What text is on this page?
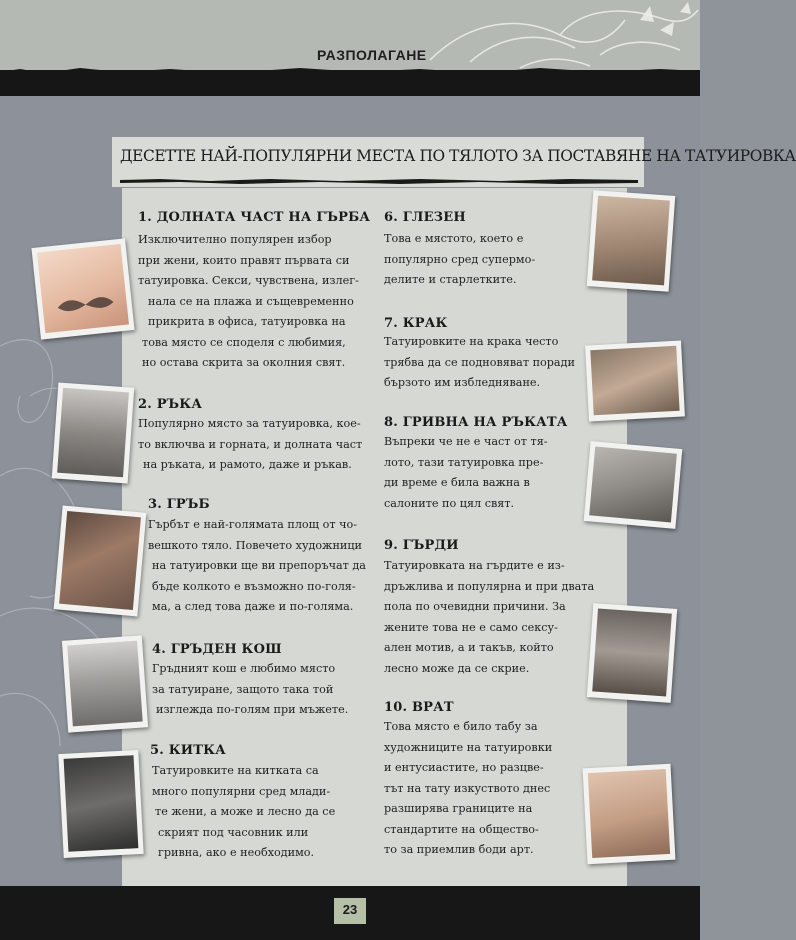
РАЗПОЛАГАНЕ
ДЕСЕТТЕ НАЙ-ПОПУЛЯРНИ МЕСТА ПО ТЯЛОТО ЗА ПОСТАВЯНЕ НА ТАТУИРОВКА
1. ДОЛНАТА ЧАСТ НА ГЪРБА
Изключително популярен избор
при жени, които правят първата си
татуировка. Секси, чувствена, излег-
нала се на плажа и същевременно
прикрита в офиса, татуировка на
това място се споделя с любимия,
но остава скрита за околния свят.
2. РЪКА
Популярно място за татуировка, кое-
то включва и горната, и долната част
на ръката, и рамото, даже и ръкав.
3. ГРЪБ
Гърбът е най-голямата площ от чо-
вешкото тяло. Повечето художници
на татуировки ще ви препоръчат да
бъде колкото е възможно по-голя-
ма, а след това даже и по-голяма.
4. ГРЪДЕН КОШ
Гръдният кош е любимо място
за татуиране, защото така той
изглежда по-голям при мъжете.
5. КИТКА
Татуировките на китката са
много популярни сред млади-
те жени, а може и лесно да се
скрият под часовник или
гривна, ако е необходимо.
6. ГЛЕЗЕН
Това е мястото, което е
популярно сред супермо-
делите и старлетките.
7. КРАК
Татуировките на крака често
трябва да се подновяват поради
бързото им избледняване.
8. ГРИВНА НА РЪКАТА
Въпреки че не е част от тя-
лото, тази татуировка пре-
ди време е била важна в
салоните по цял свят.
9. ГЪРДИ
Татуировката на гърдите е из-
дръжлива и популярна и при двата
пола по очевидни причини. За
жените това не е само сексу-
ален мотив, а и такъв, който
лесно може да се скрие.
10. ВРАТ
Това място е било табу за
художниците на татуировки
и ентусиастите, но разцве-
тът на тату изкуството днес
разширява границите на
стандартите на общество-
то за приемлив боди арт.
23
